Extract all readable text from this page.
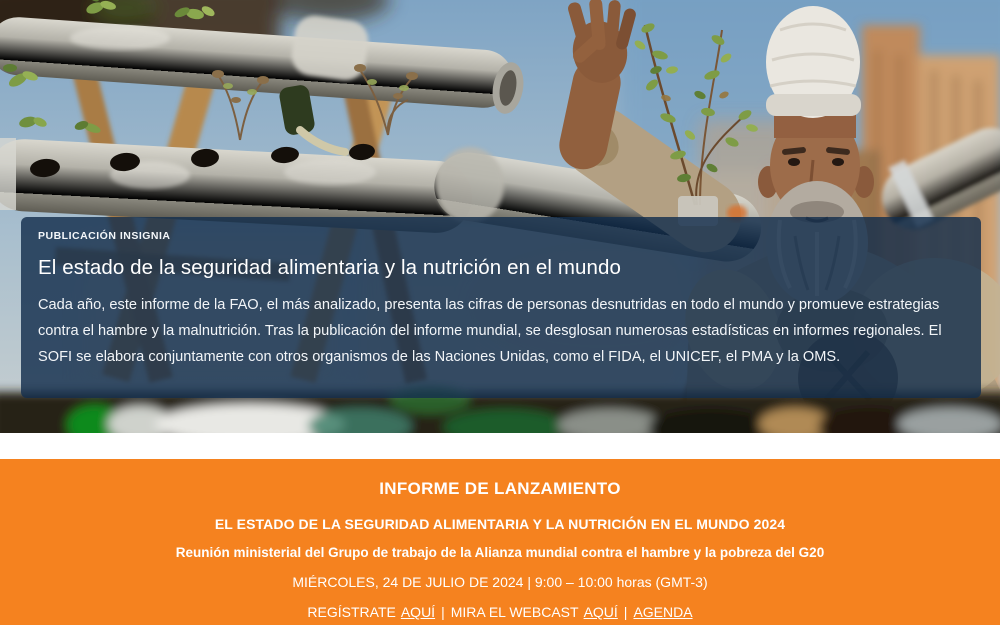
PUBLICACIÓN INSIGNIA
El estado de la seguridad alimentaria y la nutrición en el mundo
Cada año, este informe de la FAO, el más analizado, presenta las cifras de personas desnutridas en todo el mundo y promueve estrategias contra el hambre y la malnutrición. Tras la publicación del informe mundial, se desglosan numerosas estadísticas en informes regionales. El SOFI se elabora conjuntamente con otros organismos de las Naciones Unidas, como el FIDA, el UNICEF, el PMA y la OMS.
INFORME DE LANZAMIENTO
EL ESTADO DE LA SEGURIDAD ALIMENTARIA Y LA NUTRICIÓN EN EL MUNDO 2024
Reunión ministerial del Grupo de trabajo de la Alianza mundial contra el hambre y la pobreza del G20
MIÉRCOLES, 24 DE JULIO DE 2024 | 9:00 – 10:00 horas (GMT-3)
REGÍSTRATE AQUÍ | MIRA EL WEBCAST AQUÍ | AGENDA
